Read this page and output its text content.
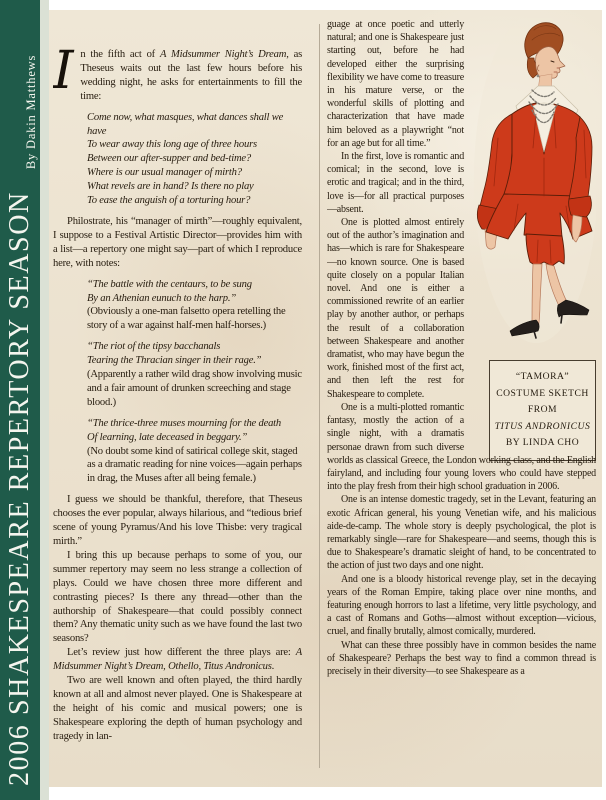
2006 SHAKESPEARE REPERTORY SEASON $_{By Dakin Matthews}$ In the fifth act of A Midsummer Night’s Dream, as Theseus waits out the last few hours before his wedding night, he asks for entertainments to fill the time:

Come now, what masques, what dances shall we have
To wear away this long age of three hours
Between our after-supper and bed-time?
Where is our usual manager of mirth?
What revels are in hand? Is there no play
To ease the anguish of a torturing hour?

Philostrate, his “manager of mirth”—roughly equivalent, I suppose to a Festival Artistic Director—provides him with a list—a repertory one might say—part of which I reproduce here, with notes:

“The battle with the centaurs, to be sung
By an Athenian eunuch to the harp.”
(Obviously a one-man falsetto opera retelling the story of a war against half-men half-horses.)
“The riot of the tipsy bacchanals
Tearing the Thracian singer in their rage.”
(Apparently a rather wild drag show involving music and a fair amount of drunken screeching and stage blood.)
“The thrice-three muses mourning for the death
Of learning, late deceased in beggary.”
(No doubt some kind of satirical college skit, staged as a dramatic reading for nine voices—again perhaps in drag, the Muses after all being female.)

I guess we should be thankful, therefore, that Theseus chooses the ever popular, always hilarious, and “tedious brief scene of young Pyramus/And his love Thisbe: very tragical mirth.”

I bring this up because perhaps to some of you, our summer repertory may seem no less strange a collection of plays. Could we have chosen three more different and contrasting pieces? Is there any thread—other than the authorship of Shakespeare—that could possibly connect them? Any thematic unity such as we have found the last two seasons?

Let’s review just how different the three plays are: A Midsummer Night’s Dream, Othello, Titus Andronicus.

Two are well known and often played, the third hardly known at all and almost never played. One is Shakespeare at the height of his comic and musical powers; one is Shakespeare exploring the depth of human psychology and tragedy in lan-

“TAMORA”
COSTUME SKETCH
FROM
TITUS ANDRONICUS
BY LINDA CHO

guage at once poetic and utterly natural; and one is Shakespeare just starting out, before he had developed either the surprising flexibility we have come to treasure in his mature verse, or the wonderful skills of plotting and characterization that have made him beloved as a playwright “not for an age but for all time.”

In the first, love is romantic and comical; in the second, love is erotic and tragical; and in the third, love is—for all practical purposes—absent.

One is plotted almost entirely out of the author’s imagination and has—which is rare for Shakespeare—no known source. One is based quite closely on a popular Italian novel. And one is either a commissioned rewrite of an earlier play by another author, or perhaps the result of a collaboration between Shakespeare and another dramatist, who may have begun the work, finished most of the first act, and then left the rest for Shakespeare to complete.

One is a multi-plotted romantic fantasy, mostly the action of a single night, with a dramatis personae drawn from such diverse worlds as classical Greece, the London working class, and the English fairyland, and including four young lovers who could have stepped into the play fresh from their high school graduation in 2006.

One is an intense domestic tragedy, set in the Levant, featuring an exotic African general, his young Venetian wife, and his malicious aide-de-camp. The whole story is deeply psychological, the plot is remarkably single—rare for Shakespeare—and seems, though this is due to Shakespeare’s dramatic sleight of hand, to be concentrated to the action of just two days and one night.

And one is a bloody historical revenge play, set in the decaying years of the Roman Empire, taking place over nine months, and featuring enough horrors to last a lifetime, very little psychology, and a cast of Romans and Goths—almost without exception—vicious, cruel, and finally brutally, almost comically, murdered.

What can these three possibly have in common besides the name of Shakespeare? Perhaps the best way to find a common thread is precisely in their diversity—to see Shakespeare as a
